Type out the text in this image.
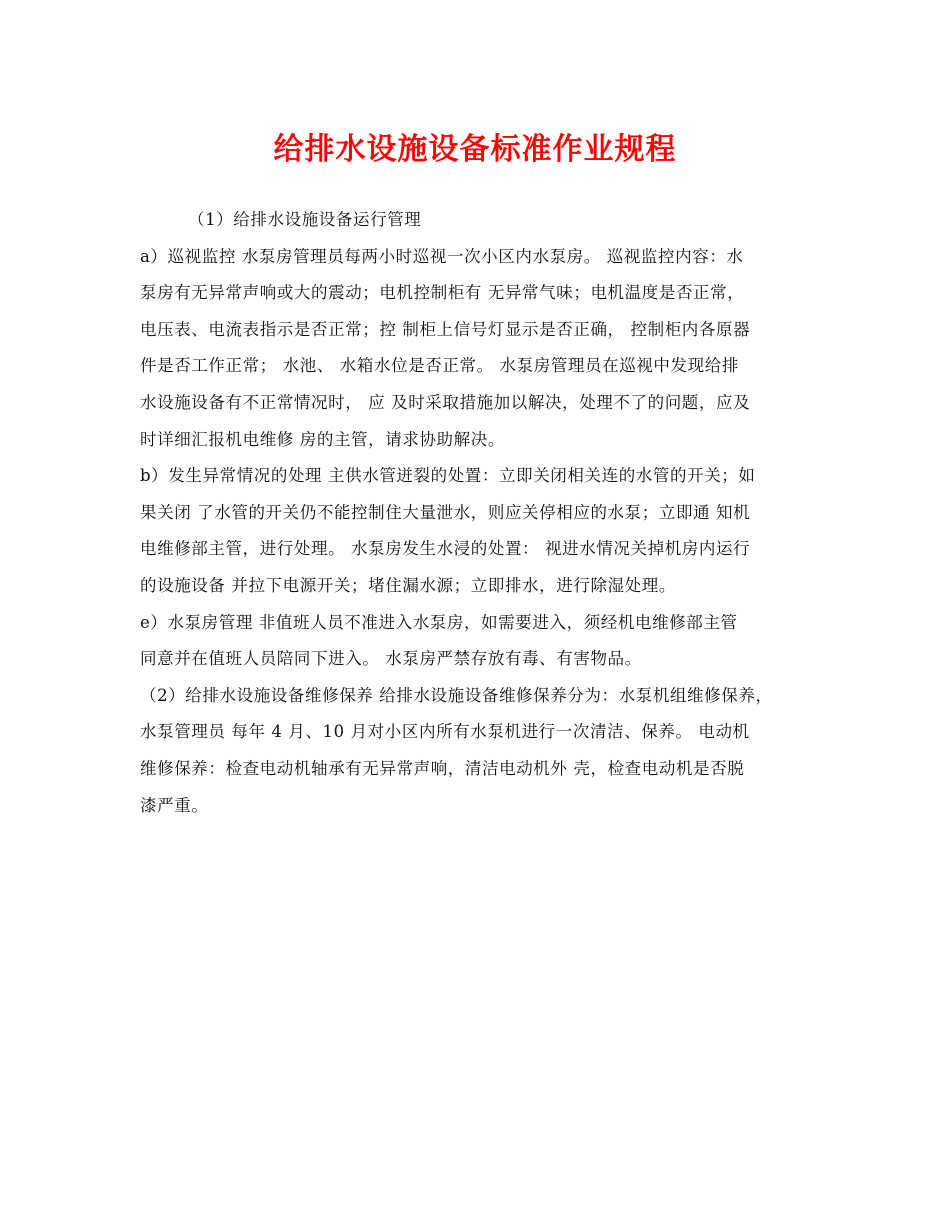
给排水设施设备标准作业规程
（1）给排水设施设备运行管理
a）巡视监控 水泵房管理员每两小时巡视一次小区内水泵房。 巡视监控内容：水
泵房有无异常声响或大的震动；电机控制柜有 无异常气味；电机温度是否正常，
电压表、电流表指示是否正常；控 制柜上信号灯显示是否正确， 控制柜内各原器
件是否工作正常； 水池、 水箱水位是否正常。 水泵房管理员在巡视中发现给排
水设施设备有不正常情况时， 应 及时采取措施加以解决，处理不了的问题，应及
时详细汇报机电维修 房的主管，请求协助解决。
b）发生异常情况的处理 主供水管迸裂的处置：立即关闭相关连的水管的开关；如
果关闭 了水管的开关仍不能控制住大量泄水，则应关停相应的水泵；立即通 知机
电维修部主管，进行处理。 水泵房发生水浸的处置： 视进水情况关掉机房内运行
的设施设备 并拉下电源开关；堵住漏水源；立即排水，进行除湿处理。
e）水泵房管理 非值班人员不准进入水泵房，如需要进入，须经机电维修部主管
同意并在值班人员陪同下进入。 水泵房严禁存放有毒、有害物品。
（2）给排水设施设备维修保养 给排水设施设备维修保养分为：水泵机组维修保养，
水泵管理员 每年 4 月、10 月对小区内所有水泵机进行一次清洁、保养。 电动机
维修保养：检查电动机轴承有无异常声响，清洁电动机外 壳，检查电动机是否脱
漆严重。
